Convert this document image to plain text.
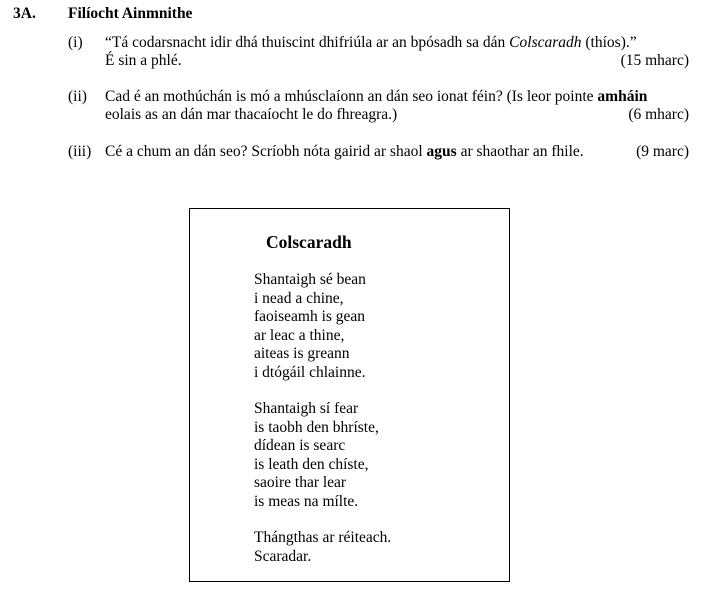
3A. Filíocht Ainmnithe
(i) “Tá codarsnacht idir dhá thuiscint dhifriúla ar an bpósadh sa dán Colscaradh (thíos).”
É sin a phlé.	(15 mharc)
(ii) Cad é an mothúchán is mó a mhúsclaíonn an dán seo ionat féin? (Is leor pointe amháin
eolais as an dán mar thacaíocht le do fhreagra.)	(6 mharc)
(iii) Cé a chum an dán seo? Scríobh nóta gairid ar shaol agus ar shaothar an fhile.	(9 marc)
Colscaradh
Shantaigh sé bean
i nead a chine,
faoiseamh is gean
ar leac a thine,
aiteas is greann
i dtógáil chlainne.
Shantaigh sí fear
is taobh den bhríste,
dídean is searc
is leath den chíste,
saoire thar lear
is meas na mílte.
Thángthas ar réiteach.
Scaradar.
